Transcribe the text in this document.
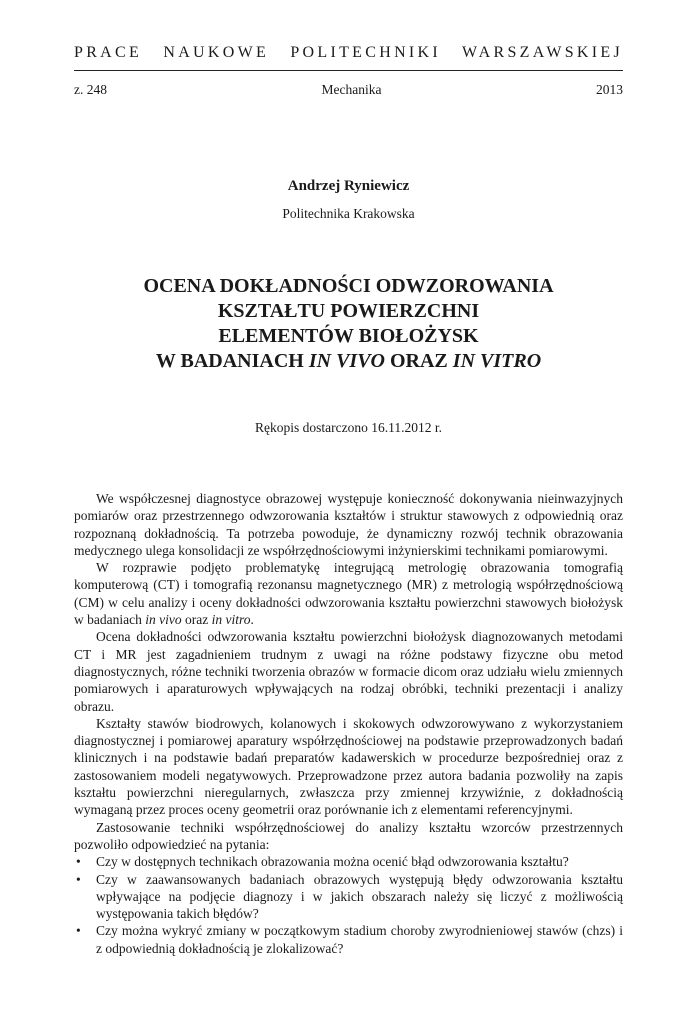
PRACE NAUKOWE POLITECHNIKI WARSZAWSKIEJ
z. 248	Mechanika	2013
Andrzej Ryniewicz
Politechnika Krakowska
OCENA DOKŁADNOŚCI ODWZOROWANIA
KSZTAŁTU POWIERZCHNI
ELEMENTÓW BIOŁOŻYSK
W BADANIACH IN VIVO ORAZ IN VITRO
Rękopis dostarczono 16.11.2012 r.

We współczesnej diagnostyce obrazowej występuje konieczność dokonywania nieinwazyjnych pomiarów oraz przestrzennego odwzorowania kształtów i struktur stawowych z odpowiednią oraz rozpoznaną dokładnością. Ta potrzeba powoduje, że dynamiczny rozwój technik obrazowania medycznego ulega konsolidacji ze współrzędnościowymi inżynierskimi technikami pomiarowymi.

W rozprawie podjęto problematykę integrującą metrologię obrazowania tomografią komputerową (CT) i tomografią rezonansu magnetycznego (MR) z metrologią współrzędnościową (CM) w celu analizy i oceny dokładności odwzorowania kształtu powierzchni stawowych biołożysk w badaniach in vivo oraz in vitro.

Ocena dokładności odwzorowania kształtu powierzchni biołożysk diagnozowanych metodami CT i MR jest zagadnieniem trudnym z uwagi na różne podstawy fizyczne obu metod diagnostycznych, różne techniki tworzenia obrazów w formacie dicom oraz udziału wielu zmiennych pomiarowych i aparaturowych wpływających na rodzaj obróbki, techniki prezentacji i analizy obrazu.

Kształty stawów biodrowych, kolanowych i skokowych odwzorowywano z wykorzystaniem diagnostycznej i pomiarowej aparatury współrzędnościowej na podstawie przeprowadzonych badań klinicznych i na podstawie badań preparatów kadawerskich w procedurze bezpośredniej oraz z zastosowaniem modeli negatywowych. Przeprowadzone przez autora badania pozwoliły na zapis kształtu powierzchni nieregularnych, zwłaszcza przy zmiennej krzywiźnie, z dokładnością wymaganą przez proces oceny geometrii oraz porównanie ich z elementami referencyjnymi.

Zastosowanie techniki współrzędnościowej do analizy kształtu wzorców przestrzennych pozwoliło odpowiedzieć na pytania:

• Czy w dostępnych technikach obrazowania można ocenić błąd odwzorowania kształtu?
• Czy w zaawansowanych badaniach obrazowych występują błędy odwzorowania kształtu wpływające na podjęcie diagnozy i w jakich obszarach należy się liczyć z możliwością występowania takich błędów?
• Czy można wykryć zmiany w początkowym stadium choroby zwyrodnieniowej stawów (chzs) i z odpowiednią dokładnością je zlokalizować?
